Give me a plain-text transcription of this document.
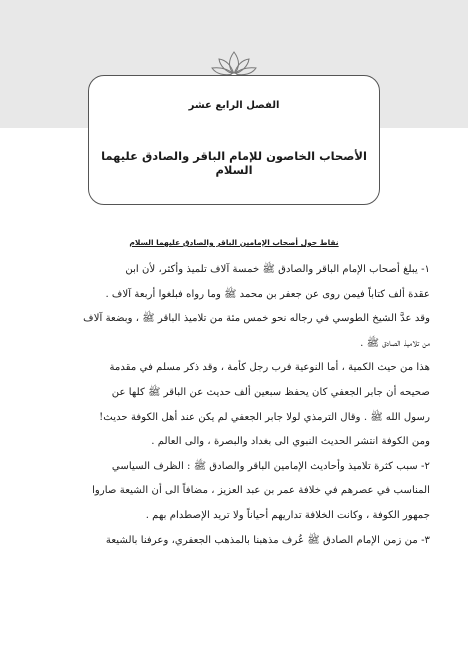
الفصل الرابع عشر
الأصحاب الخاصون للإمام الباقر والصادق عليهما السلام
نقاط حول أصحاب الإمامين الباقر والصادق عليهما السلام
١- يبلغ أصحاب الإمام الباقر والصادق ﷺ خمسة آلاف تلميذ وأكثر، لأن ابن
عقدة ألف كتاباً فيمن روى عن جعفر بن محمد ﷺ وما رواه فبلغوا أربعة آلاف .
وقد عدَّ الشيخ الطوسي في رجاله نحو خمس مئة من تلاميذ الباقر ﷺ ، وبضعة آلاف
من تلاميذ الصادق ﷺ .
هذا من حيث الكمية ، أما النوعية فرب رجل كأمة ، وقد ذكر مسلم في مقدمة
صحيحه أن جابر الجعفي كان يحفظ سبعين ألف حديث عن الباقر ﷺ كلها عن
رسول الله ﷺ . وقال الترمذي لولا جابر الجعفي لم يكن عند أهل الكوفة حديث!
ومن الكوفة انتشر الحديث النبوي الى بغداد والبصرة ، والى العالم .
٢- سبب كثرة تلاميذ وأحاديث الإمامين الباقر والصادق ﷺ : الظرف السياسي
المناسب في عصرهم في خلافة عمر بن عبد العزيز ، مضافاً الى أن الشيعة صاروا
جمهور الكوفة ، وكانت الخلافة تداريهم أحياناً ولا تريد الإصطدام بهم .
٣- من زمن الإمام الصادق ﷺ عُرف مذهبنا بالمذهب الجعفري، وعرفنا بالشيعة
